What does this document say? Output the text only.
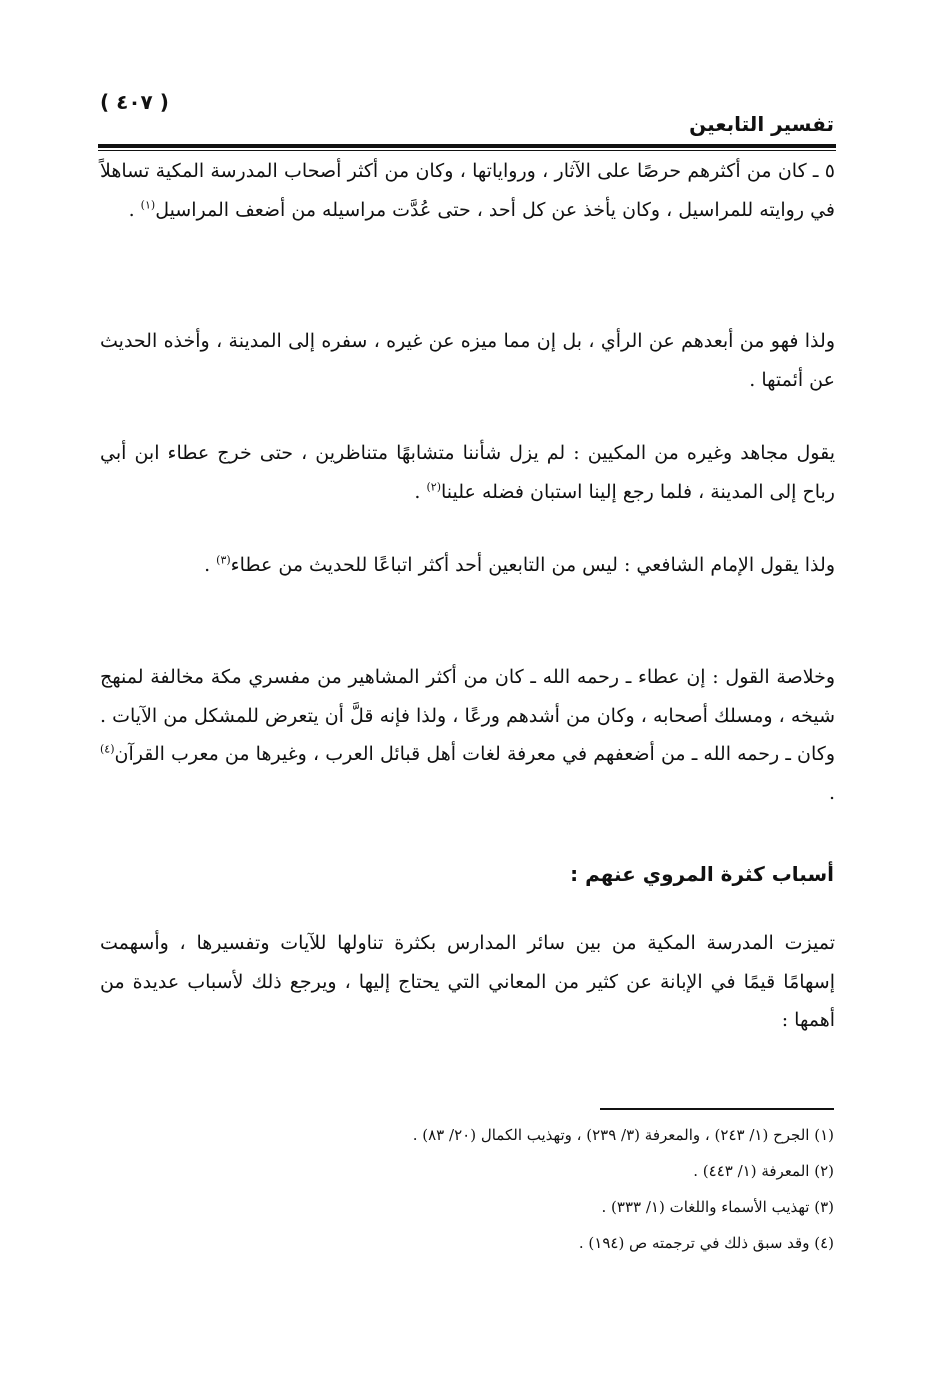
تفسير التابعين
( ٤٠٧ )

٥ ـ كان من أكثرهم حرصًا على الآثار ، ورواياتها ، وكان من أكثر أصحاب المدرسة المكية تساهلاً في روايته للمراسيل ، وكان يأخذ عن كل أحد ، حتى عُدَّت مراسيله من أضعف المراسيل$^{(١)}$ .

ولذا فهو من أبعدهم عن الرأي ، بل إن مما ميزه عن غيره ، سفره إلى المدينة ، وأخذه الحديث عن أئمتها .

يقول مجاهد وغيره من المكيين : لم يزل شأننا متشابهًا متناظرين ، حتى خرج عطاء ابن أبي رباح إلى المدينة ، فلما رجع إلينا استبان فضله علينا$^{(٢)}$ .

ولذا يقول الإمام الشافعي : ليس من التابعين أحد أكثر اتباعًا للحديث من عطاء$^{(٣)}$ .

وخلاصة القول : إن عطاء ـ رحمه الله ـ كان من أكثر المشاهير من مفسري مكة مخالفة لمنهج شيخه ، ومسلك أصحابه ، وكان من أشدهم ورعًا ، ولذا فإنه قلَّ أن يتعرض للمشكل من الآيات . وكان ـ رحمه الله ـ من أضعفهم في معرفة لغات أهل قبائل العرب ، وغيرها من معرب القرآن$^{(٤)}$ .

أسباب كثرة المروي عنهم :

تميزت المدرسة المكية من بين سائر المدارس بكثرة تناولها للآيات وتفسيرها ، وأسهمت إسهامًا قيمًا في الإبانة عن كثير من المعاني التي يحتاج إليها ، ويرجع ذلك لأسباب عديدة من أهمها :

(١) الجرح (١/ ٢٤٣) ، والمعرفة (٣/ ٢٣٩) ، وتهذيب الكمال (٢٠/ ٨٣) .
(٢) المعرفة (١/ ٤٤٣) .
(٣) تهذيب الأسماء واللغات (١/ ٣٣٣) .
(٤) وقد سبق ذلك في ترجمته ص (١٩٤) .
